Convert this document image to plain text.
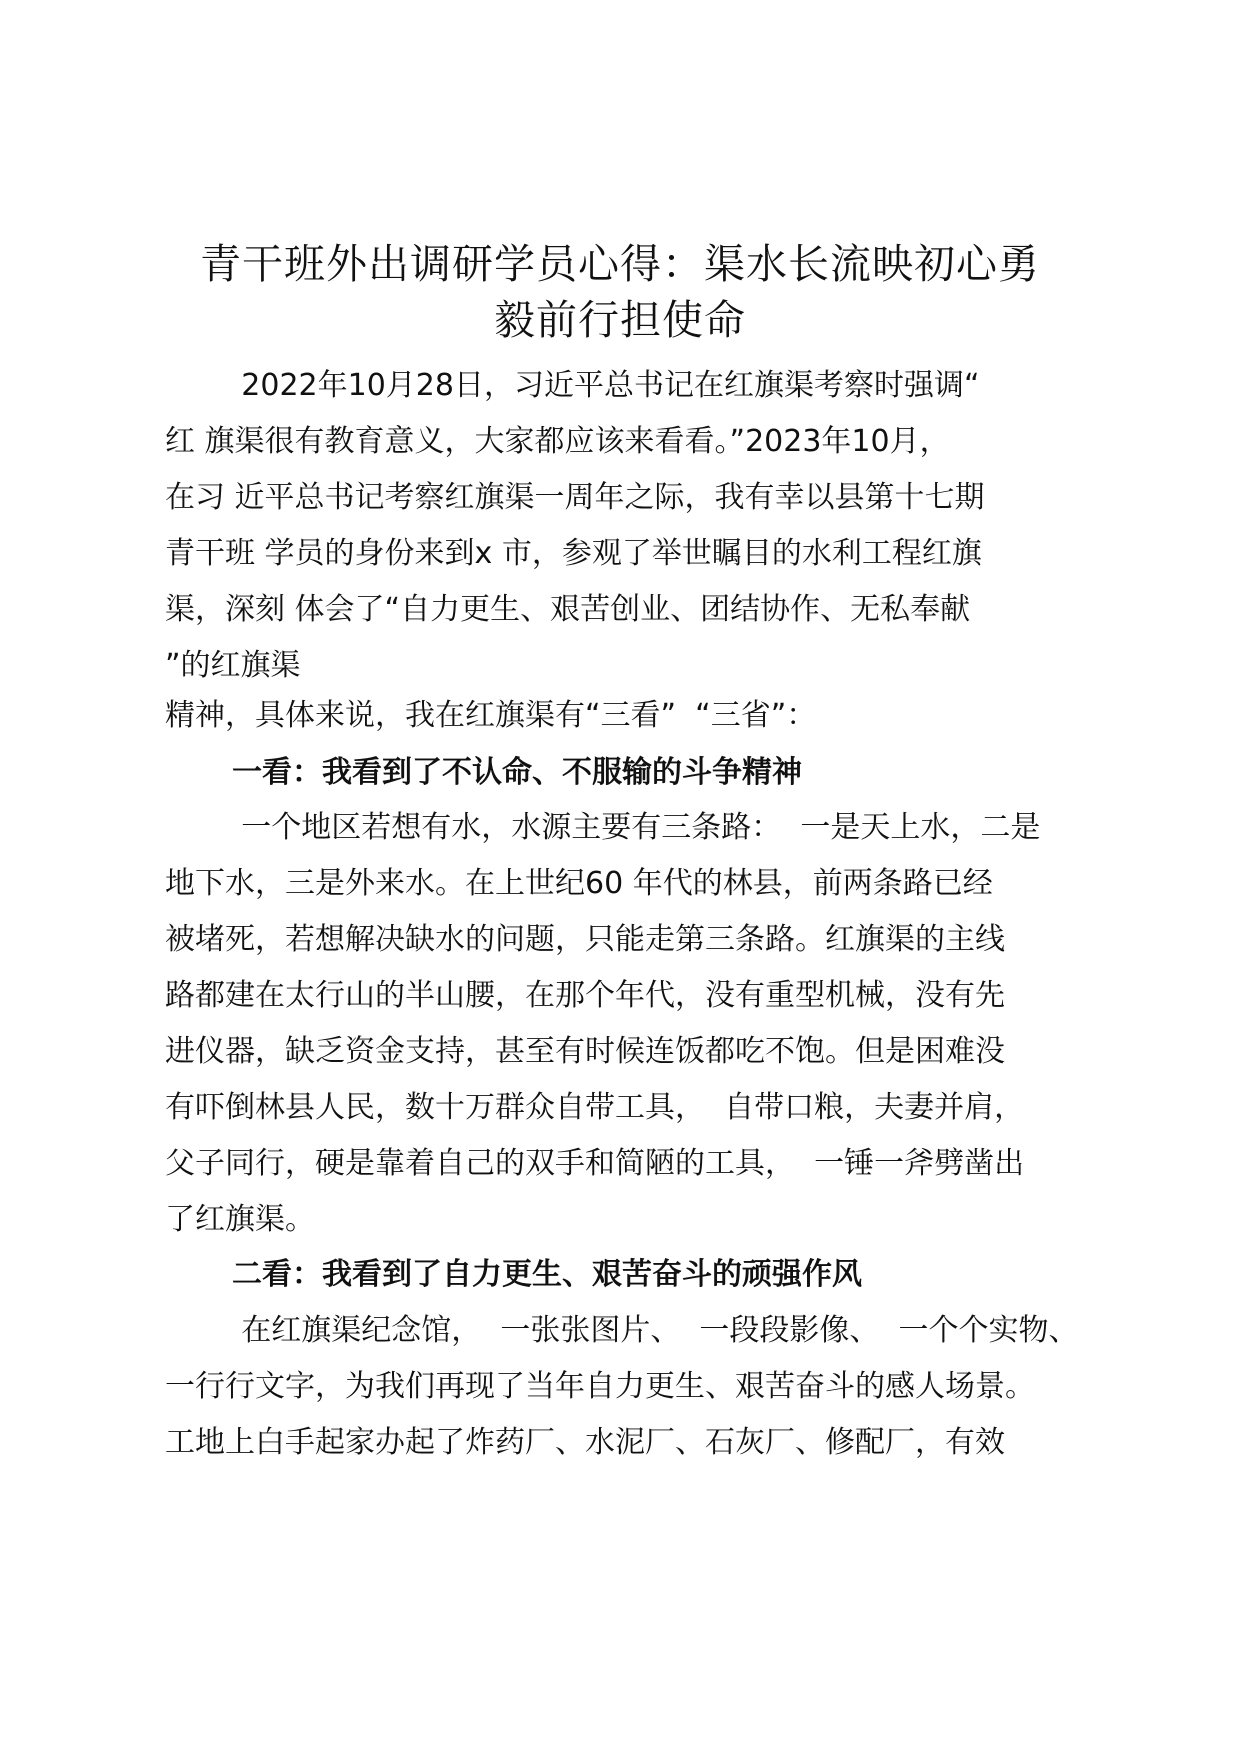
青干班外出调研学员心得：渠水长流映初心勇
毅前行担使命
2022年10月28日，习近平总书记在红旗渠考察时强调“
红 旗渠很有教育意义，大家都应该来看看。”2023年10月，
在习 近平总书记考察红旗渠一周年之际，我有幸以县第十七期
青干班 学员的身份来到x 市，参观了举世瞩目的水利工程红旗
渠，深刻 体会了“自力更生、艰苦创业、团结协作、无私奉献
”的红旗渠
精神，具体来说，我在红旗渠有“三看”  “三省”：
一看：我看到了不认命、不服输的斗争精神
一个地区若想有水，水源主要有三条路：  一是天上水，二是
地下水，三是外来水。在上世纪60 年代的林县，前两条路已经
被堵死，若想解决缺水的问题，只能走第三条路。红旗渠的主线
路都建在太行山的半山腰，在那个年代，没有重型机械，没有先
进仪器，缺乏资金支持，甚至有时候连饭都吃不饱。但是困难没
有吓倒林县人民，数十万群众自带工具，  自带口粮，夫妻并肩，
父子同行，硬是靠着自己的双手和简陋的工具，  一锤一斧劈凿出
了红旗渠。
二看：我看到了自力更生、艰苦奋斗的顽强作风
在红旗渠纪念馆，  一张张图片、  一段段影像、  一个个实物、
一行行文字，为我们再现了当年自力更生、艰苦奋斗的感人场景。
工地上白手起家办起了炸药厂、水泥厂、石灰厂、修配厂，有效
